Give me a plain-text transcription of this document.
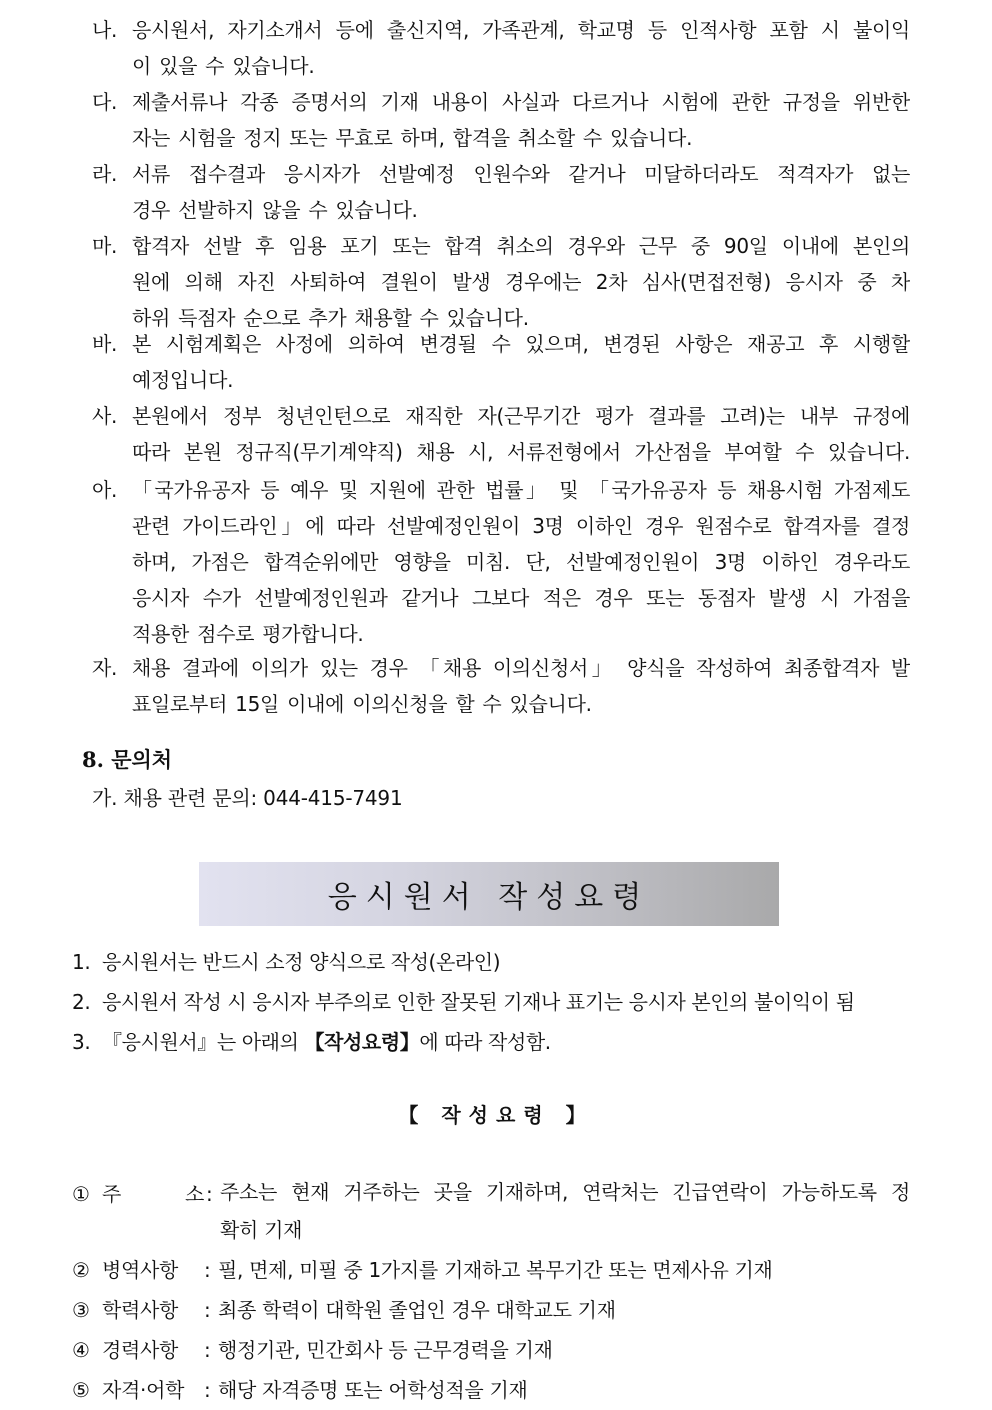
나. 응시원서, 자기소개서 등에 출신지역, 가족관계, 학교명 등 인적사항 포함 시 불이익
이 있을 수 있습니다.
다. 제출서류나 각종 증명서의 기재 내용이 사실과 다르거나 시험에 관한 규정을 위반한
자는 시험을 정지 또는 무효로 하며, 합격을 취소할 수 있습니다.
라. 서류 접수결과 응시자가 선발예정 인원수와 같거나 미달하더라도 적격자가 없는
경우 선발하지 않을 수 있습니다.
마. 합격자 선발 후 임용 포기 또는 합격 취소의 경우와 근무 중 90일 이내에 본인의
원에 의해 자진 사퇴하여 결원이 발생 경우에는 2차 심사(면접전형) 응시자 중 차
하위 득점자 순으로 추가 채용할 수 있습니다.
바. 본 시험계획은 사정에 의하여 변경될 수 있으며, 변경된 사항은 재공고 후 시행할
예정입니다.
사. 본원에서 정부 청년인턴으로 재직한 자(근무기간 평가 결과를 고려)는 내부 규정에
따라 본원 정규직(무기계약직) 채용 시, 서류전형에서 가산점을 부여할 수 있습니다.
아. 「국가유공자 등 예우 및 지원에 관한 법률」 및 「국가유공자 등 채용시험 가점제도
관련 가이드라인」에 따라 선발예정인원이 3명 이하인 경우 원점수로 합격자를 결정
하며, 가점은 합격순위에만 영향을 미침. 단, 선발예정인원이 3명 이하인 경우라도
응시자 수가 선발예정인원과 같거나 그보다 적은 경우 또는 동점자 발생 시 가점을
적용한 점수로 평가합니다.
자. 채용 결과에 이의가 있는 경우 「채용 이의신청서」 양식을 작성하여 최종합격자 발
표일로부터 15일 이내에 이의신청을 할 수 있습니다.
8. 문의처
가. 채용 관련 문의: 044-415-7491
응시원서 작성요령
1. 응시원서는 반드시 소정 양식으로 작성(온라인)
2. 응시원서 작성 시 응시자 부주의로 인한 잘못된 기재나 표기는 응시자 본인의 불이익이 됨
3. 『응시원서』는 아래의 【작성요령】에 따라 작성함.
【 작성요령 】
① 주	소 : 주소는 현재 거주하는 곳을 기재하며, 연락처는 긴급연락이 가능하도록 정
확히 기재
② 병역사항	: 필, 면제, 미필 중 1가지를 기재하고 복무기간 또는 면제사유 기재
③ 학력사항	: 최종 학력이 대학원 졸업인 경우 대학교도 기재
④ 경력사항	: 행정기관, 민간회사 등 근무경력을 기재
⑤ 자격·어학 : 해당 자격증명 또는 어학성적을 기재
